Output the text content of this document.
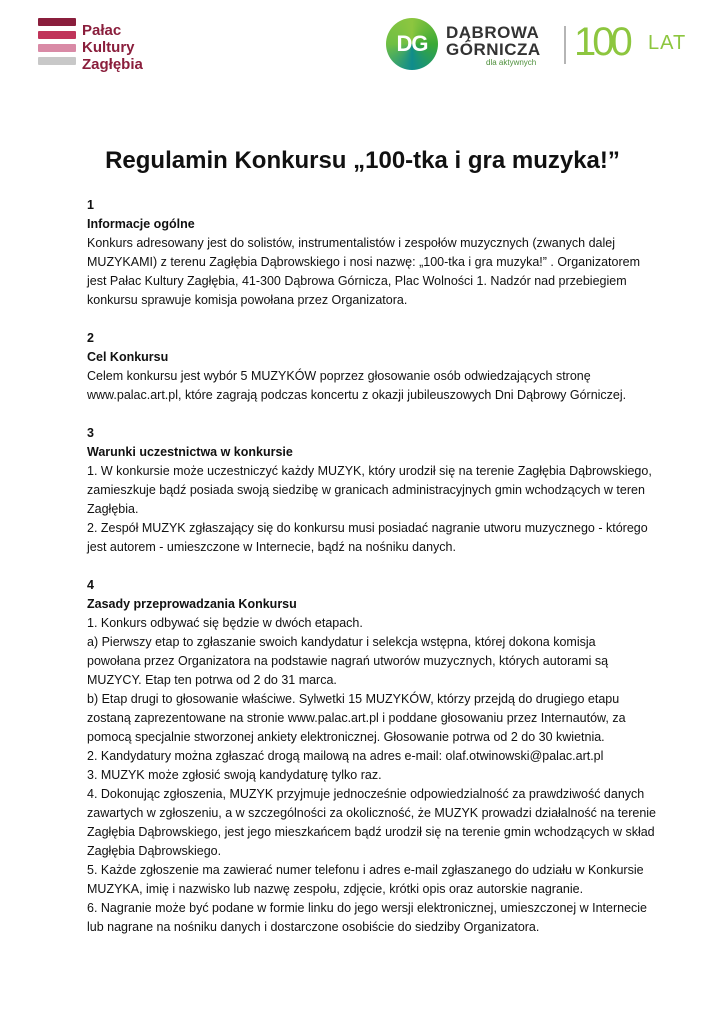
Pałac
Kultury
Zagłębia
DG	DĄBROWA
GÓRNICZA
dla aktywnych 100 LAT
Regulamin Konkursu „100-tka i gra muzyka!”
1
Informacje ogólne
Konkurs adresowany jest do solistów, instrumentalistów i zespołów muzycznych (zwanych dalej
MUZYKAMI) z terenu Zagłębia Dąbrowskiego i nosi nazwę: „100-tka i gra muzyka!” . Organizatorem
jest Pałac Kultury Zagłębia, 41-300 Dąbrowa Górnicza, Plac Wolności 1. Nadzór nad przebiegiem
konkursu sprawuje komisja powołana przez Organizatora.
2
Cel Konkursu
Celem konkursu jest wybór 5 MUZYKÓW poprzez głosowanie osób odwiedzających stronę
www.palac.art.pl, które zagrają podczas koncertu z okazji jubileuszowych Dni Dąbrowy Górniczej.
3
Warunki uczestnictwa w konkursie
1. W konkursie może uczestniczyć każdy MUZYK, który urodził się na terenie Zagłębia Dąbrowskiego,
zamieszkuje bądź posiada swoją siedzibę w granicach administracyjnych gmin wchodzących w teren
Zagłębia.
2. Zespół MUZYK zgłaszający się do konkursu musi posiadać nagranie utworu muzycznego - którego
jest autorem - umieszczone w Internecie, bądź na nośniku danych.
4
Zasady przeprowadzania Konkursu
1. Konkurs odbywać się będzie w dwóch etapach.
a) Pierwszy etap to zgłaszanie swoich kandydatur i selekcja wstępna, której dokona komisja
powołana przez Organizatora na podstawie nagrań utworów muzycznych, których autorami są
MUZYCY. Etap ten potrwa od 2 do 31 marca.
b) Etap drugi to głosowanie właściwe. Sylwetki 15 MUZYKÓW, którzy przejdą do drugiego etapu
zostaną zaprezentowane na stronie www.palac.art.pl i poddane głosowaniu przez Internautów, za
pomocą specjalnie stworzonej ankiety elektronicznej. Głosowanie potrwa od 2 do 30 kwietnia.
2. Kandydatury można zgłaszać drogą mailową na adres e-mail: olaf.otwinowski@palac.art.pl
3. MUZYK może zgłosić swoją kandydaturę tylko raz.
4. Dokonując zgłoszenia, MUZYK przyjmuje jednocześnie odpowiedzialność za prawdziwość danych
zawartych w zgłoszeniu, a w szczególności za okoliczność, że MUZYK prowadzi działalność na terenie
Zagłębia Dąbrowskiego, jest jego mieszkańcem bądź urodził się na terenie gmin wchodzących w skład
Zagłębia Dąbrowskiego.
5. Każde zgłoszenie ma zawierać numer telefonu i adres e-mail zgłaszanego do udziału w Konkursie
MUZYKA, imię i nazwisko lub nazwę zespołu, zdjęcie, krótki opis oraz autorskie nagranie.
6. Nagranie może być podane w formie linku do jego wersji elektronicznej, umieszczonej w Internecie
lub nagrane na nośniku danych i dostarczone osobiście do siedziby Organizatora.
